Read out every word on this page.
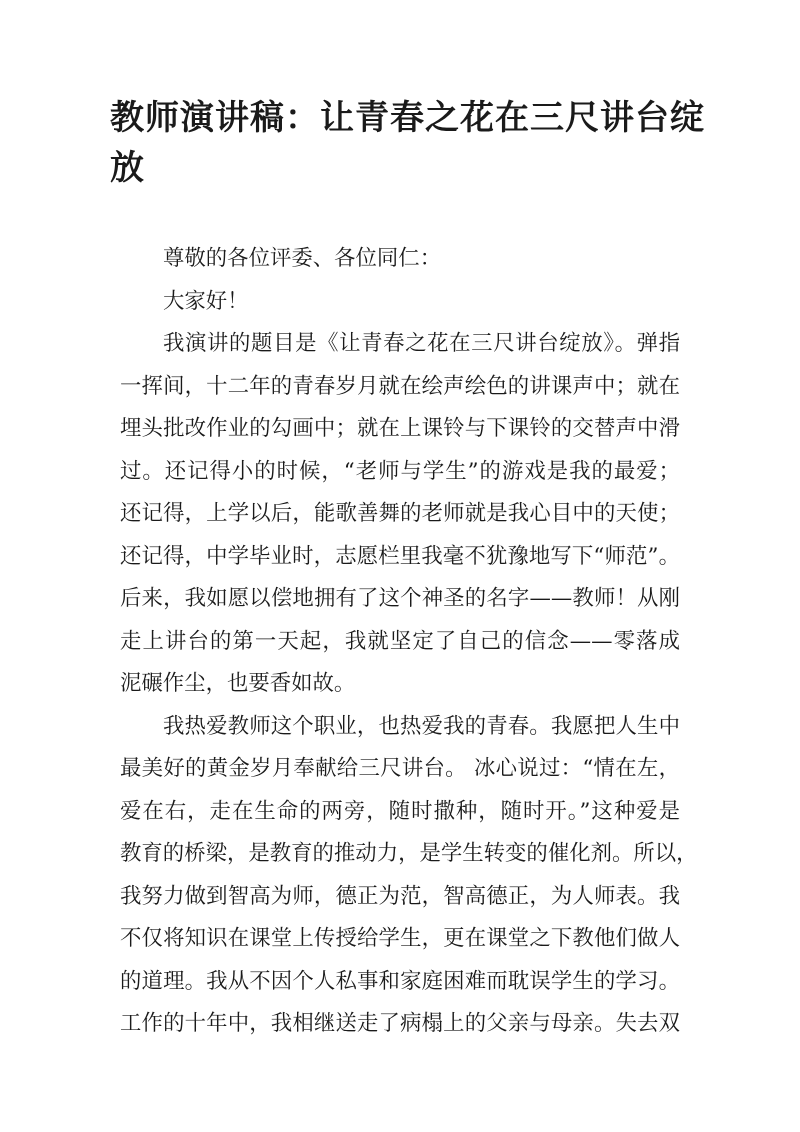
教师演讲稿：让青春之花在三尺讲台绽
放

尊敬的各位评委、各位同仁：

大家好！

我演讲的题目是《让青春之花在三尺讲台绽放》。弹指
一挥间，十二年的青春岁月就在绘声绘色的讲课声中；就在
埋头批改作业的勾画中；就在上课铃与下课铃的交替声中滑
过。还记得小的时候，“老师与学生”的游戏是我的最爱；
还记得，上学以后，能歌善舞的老师就是我心目中的天使；
还记得，中学毕业时，志愿栏里我毫不犹豫地写下“师范”。
后来，我如愿以偿地拥有了这个神圣的名字——教师！从刚
走上讲台的第一天起，我就坚定了自己的信念——零落成
泥碾作尘，也要香如故。
我热爱教师这个职业，也热爱我的青春。我愿把人生中
最美好的黄金岁月奉献给三尺讲台。 冰心说过：“情在左，
爱在右，走在生命的两旁，随时撒种，随时开。”这种爱是
教育的桥梁，是教育的推动力，是学生转变的催化剂。所以，
我努力做到智高为师，德正为范，智高德正，为人师表。我
不仅将知识在课堂上传授给学生，更在课堂之下教他们做人
的道理。我从不因个人私事和家庭困难而耽误学生的学习。
工作的十年中，我相继送走了病榻上的父亲与母亲。失去双
